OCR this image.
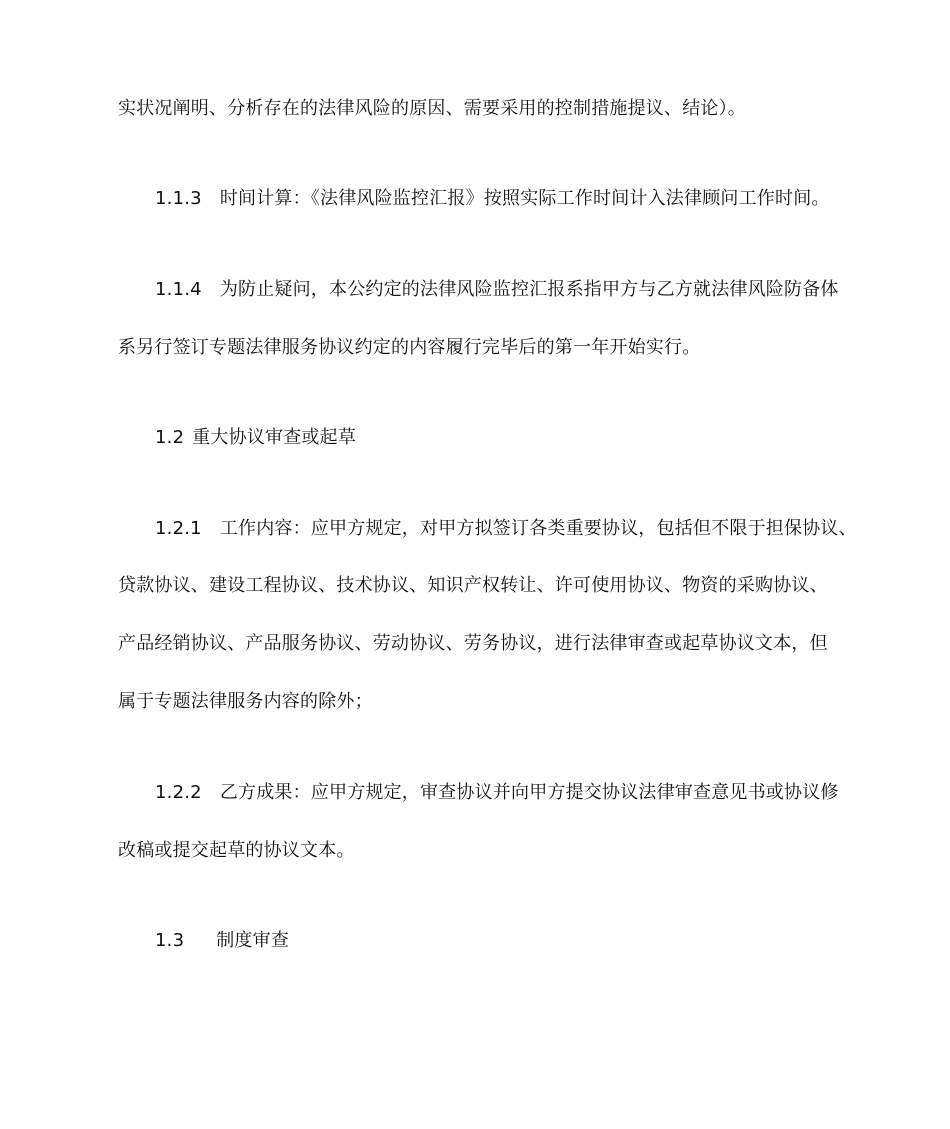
实状况阐明、分析存在的法律风险的原因、需要采用的控制措施提议、结论）。
1.1.3 时间计算：《法律风险监控汇报》按照实际工作时间计入法律顾问工作时间。
1.1.4 为防止疑问，本公约定的法律风险监控汇报系指甲方与乙方就法律风险防备体
系另行签订专题法律服务协议约定的内容履行完毕后的第一年开始实行。
1.2 重大协议审查或起草
1.2.1 工作内容：应甲方规定，对甲方拟签订各类重要协议，包括但不限于担保协议、
贷款协议、建设工程协议、技术协议、知识产权转让、许可使用协议、物资的采购协议、
产品经销协议、产品服务协议、劳动协议、劳务协议，进行法律审查或起草协议文本，但
属于专题法律服务内容的除外；
1.2.2 乙方成果：应甲方规定，审查协议并向甲方提交协议法律审查意见书或协议修
改稿或提交起草的协议文本。
1.3 制度审查
